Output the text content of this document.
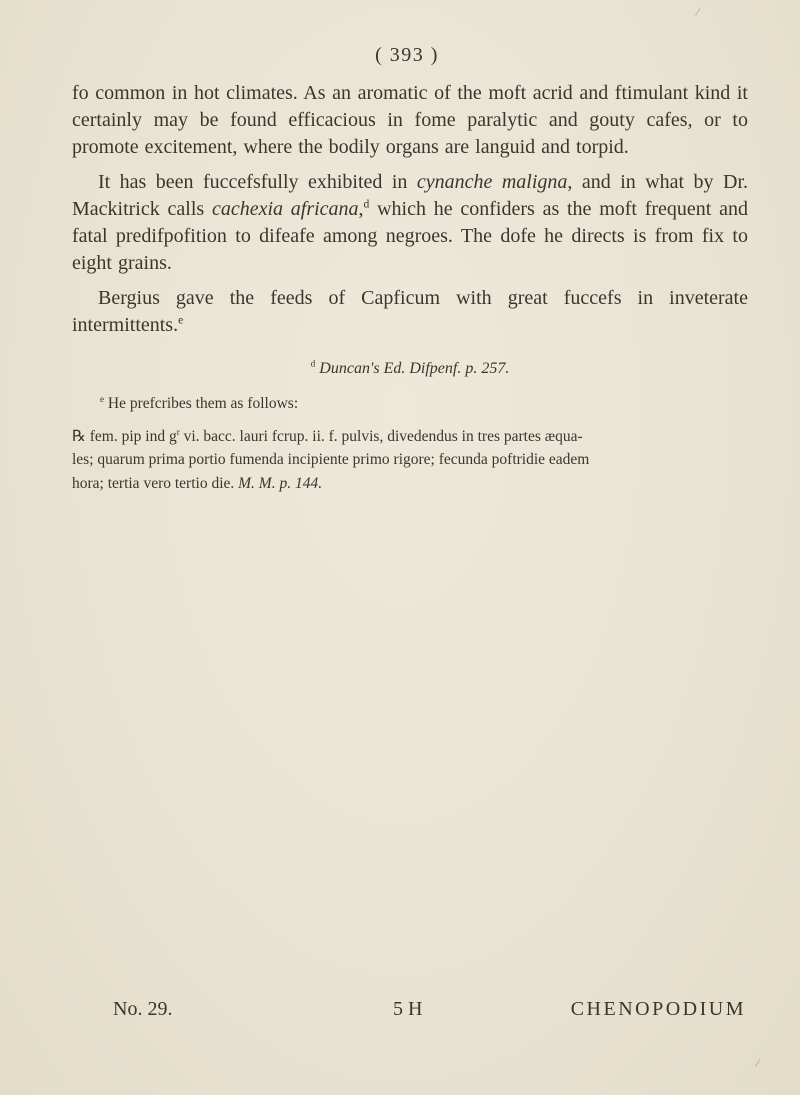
( 393 )

fo common in hot climates. As an aromatic of the moft acrid and ftimulant kind it certainly may be found efficacious in fome paralytic and gouty cafes, or to promote excitement, where the bodily organs are languid and torpid.

It has been fuccefsfully exhibited in cynanche maligna, and in what by Dr. Mackitrick calls cachexia africana,$^d$ which he confiders as the moft frequent and fatal predifpofition to difeafe among negroes. The dofe he directs is from fix to eight grains.

Bergius gave the feeds of Capficum with great fuccefs in inveterate intermittents.$^e$

$^d$ Duncan's Ed. Difpenf. p. 257.

$^e$ He prefcribes them as follows:

℞ fem. pip ind $g^r$ vi. bacc. lauri fcrup. ii. f. pulvis, divedendus in tres partes æqua-

les; quarum prima portio fumenda incipiente primo rigore; fecunda poftridie eadem

hora; tertia vero tertio die. M. M. p. 144.

No. 29.	5 H	CHENOPODIUM
/
/
